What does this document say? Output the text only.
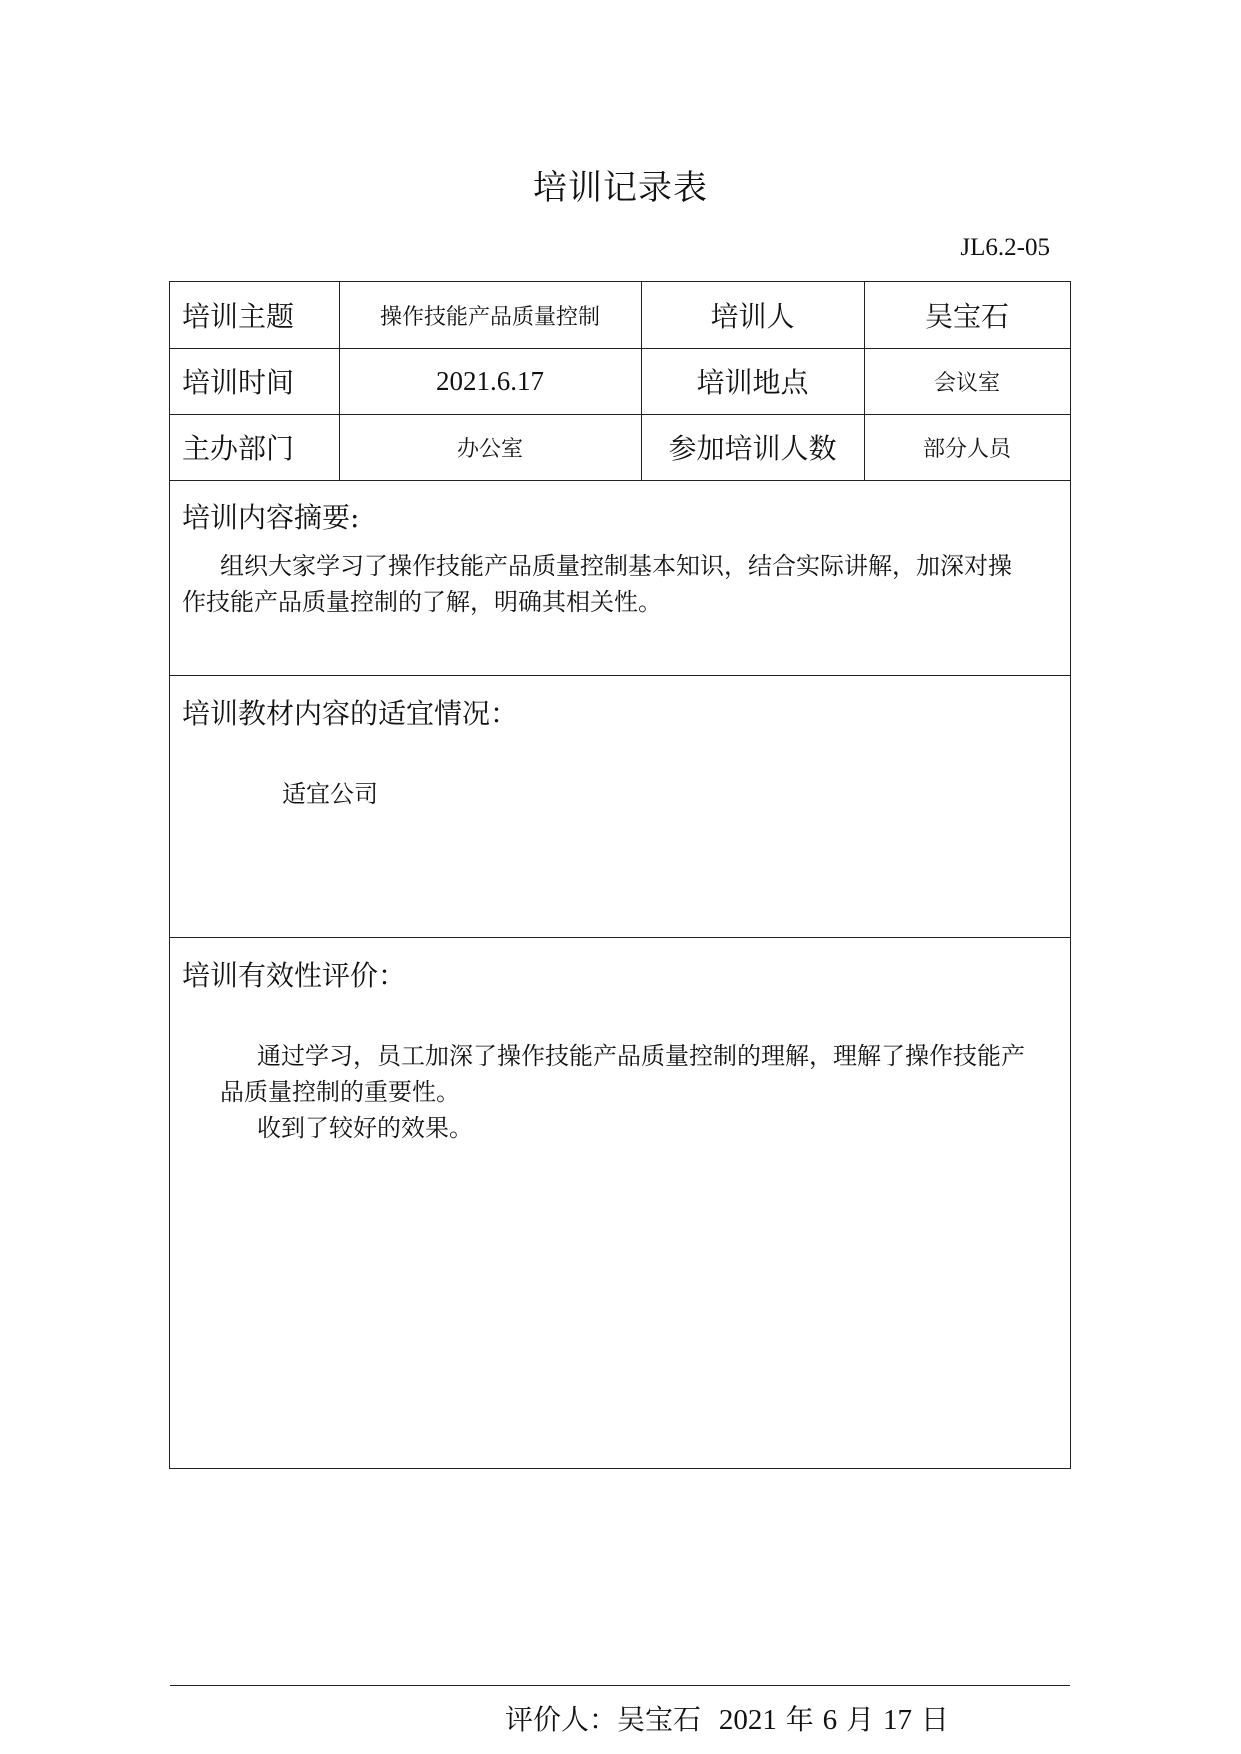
培训记录表
JL6.2-05
培训主题	操作技能产品质量控制	培训人	吴宝石
培训时间	2021.6.17	培训地点	会议室
主办部门	办公室	参加培训人数	部分人员
培训内容摘要:
组织大家学习了操作技能产品质量控制基本知识，结合实际讲解，加深对操
作技能产品质量控制的了解，明确其相关性。
培训教材内容的适宜情况：
适宜公司
培训有效性评价：
通过学习，员工加深了操作技能产品质量控制的理解，理解了操作技能产
品质量控制的重要性。
收到了较好的效果。
评价人：吴宝石 2021 年 6 月 17 日
